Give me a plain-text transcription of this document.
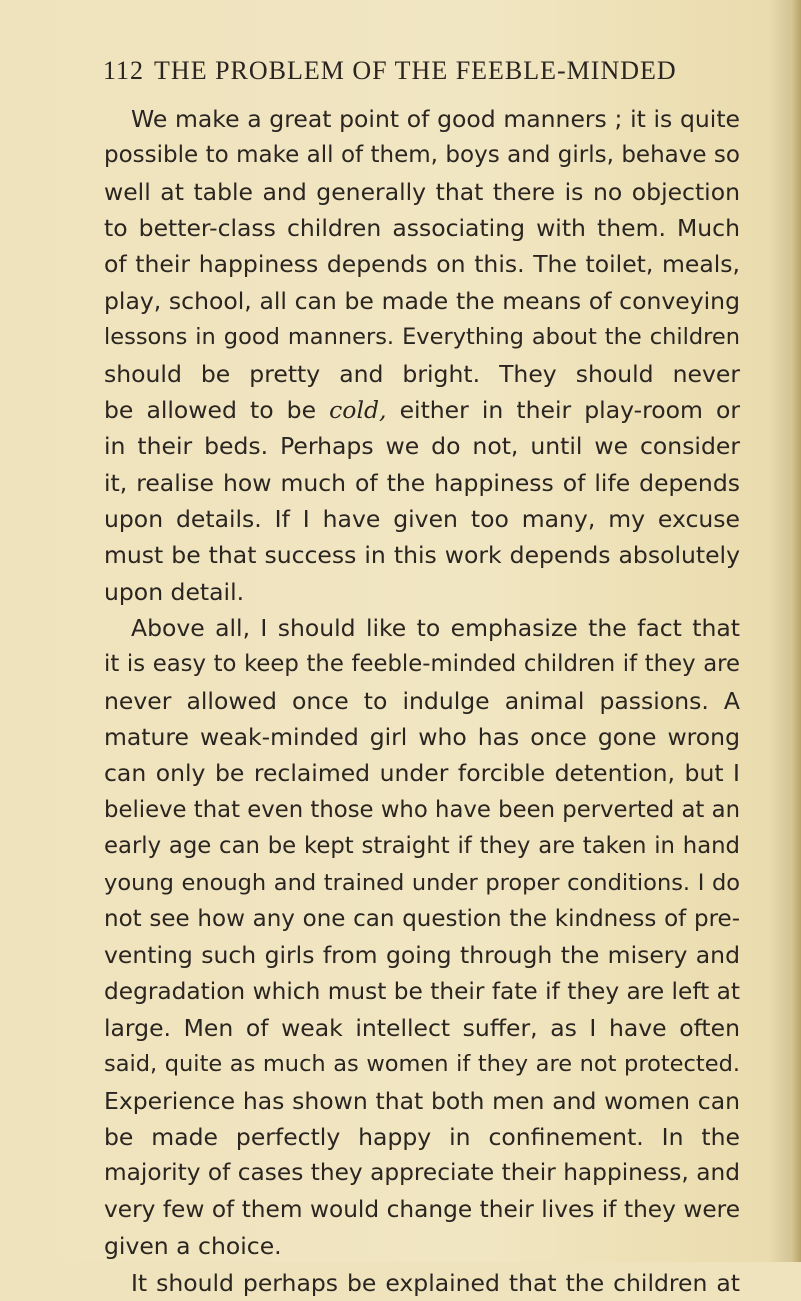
112 THE PROBLEM OF THE FEEBLE-MINDED
We make a great point of good manners ; it is quite
possible to make all of them, boys and girls, behave so
well at table and generally that there is no objection
to better-class children associating with them. Much
of their happiness depends on this. The toilet, meals,
play, school, all can be made the means of conveying
lessons in good manners. Everything about the children
should be pretty and bright. They should never
be allowed to be cold, either in their play-room or
in their beds. Perhaps we do not, until we consider
it, realise how much of the happiness of life depends
upon details. If I have given too many, my excuse
must be that success in this work depends absolutely
upon detail.
Above all, I should like to emphasize the fact that
it is easy to keep the feeble-minded children if they are
never allowed once to indulge animal passions. A
mature weak-minded girl who has once gone wrong
can only be reclaimed under forcible detention, but I
believe that even those who have been perverted at an
early age can be kept straight if they are taken in hand
young enough and trained under proper conditions. I do
not see how any one can question the kindness of pre-
venting such girls from going through the misery and
degradation which must be their fate if they are left at
large. Men of weak intellect suffer, as I have often
said, quite as much as women if they are not protected.
Experience has shown that both men and women can
be made perfectly happy in confinement. In the
majority of cases they appreciate their happiness, and
very few of them would change their lives if they were
given a choice.
It should perhaps be explained that the children at
